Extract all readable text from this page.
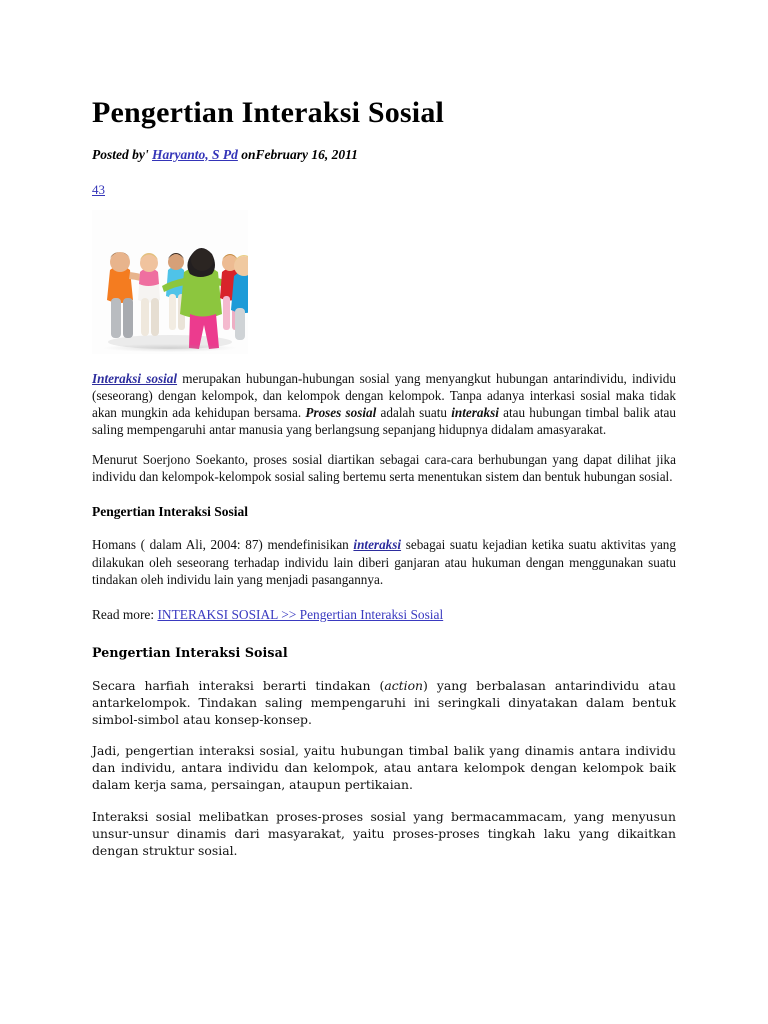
Pengertian Interaksi Sosial
Posted by' Haryanto, S Pd onFebruary 16, 2011
43

Interaksi sosial merupakan hubungan-hubungan sosial yang menyangkut hubungan antarindividu, individu (seseorang) dengan kelompok, dan kelompok dengan kelompok. Tanpa adanya interkasi sosial maka tidak akan mungkin ada kehidupan bersama. Proses sosial adalah suatu interaksi atau hubungan timbal balik atau saling mempengaruhi antar manusia yang berlangsung sepanjang hidupnya didalam amasyarakat.

Menurut Soerjono Soekanto, proses sosial diartikan sebagai cara-cara berhubungan yang dapat dilihat jika individu dan kelompok-kelompok sosial saling bertemu serta menentukan sistem dan bentuk hubungan sosial.

Pengertian Interaksi Sosial

Homans ( dalam Ali, 2004: 87) mendefinisikan interaksi sebagai suatu kejadian ketika suatu aktivitas yang dilakukan oleh seseorang terhadap individu lain diberi ganjaran atau hukuman dengan menggunakan suatu tindakan oleh individu lain yang menjadi pasangannya.

Read more: INTERAKSI SOSIAL >> Pengertian Interaksi Sosial

Pengertian Interaksi Soisal

Secara harfiah interaksi berarti tindakan (action) yang berbalasan antarindividu atau antarkelompok. Tindakan saling mempengaruhi ini seringkali dinyatakan dalam bentuk simbol-simbol atau konsep-konsep.

Jadi, pengertian interaksi sosial, yaitu hubungan timbal balik yang dinamis antara individu dan individu, antara individu dan kelompok, atau antara kelompok dengan kelompok baik dalam kerja sama, persaingan, ataupun pertikaian.

Interaksi sosial melibatkan proses-proses sosial yang bermacammacam, yang menyusun unsur-unsur dinamis dari masyarakat, yaitu proses-proses tingkah laku yang dikaitkan dengan struktur sosial.
